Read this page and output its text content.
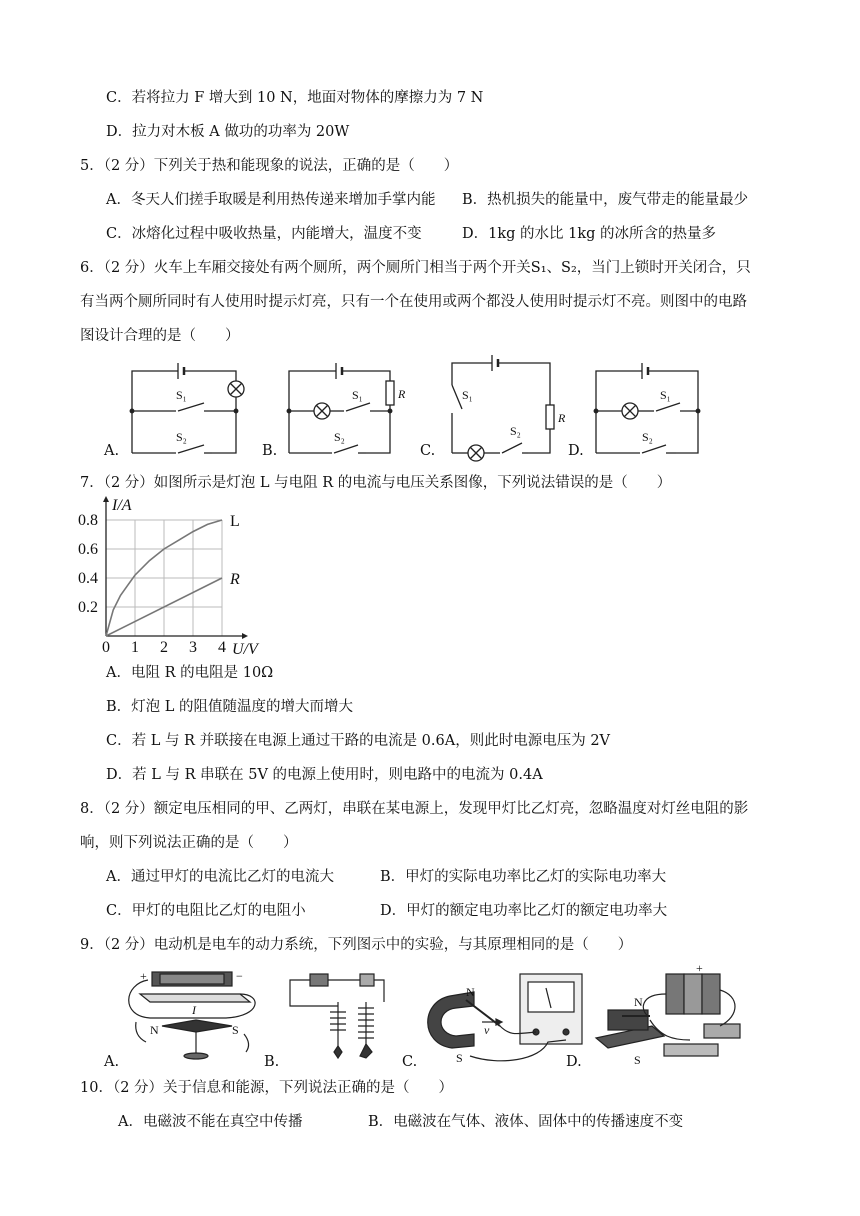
C．若将拉力 F 增大到 10 N，地面对物体的摩擦力为 7 N
D．拉力对木板 A 做功的功率为 20W
5．（2 分）下列关于热和能现象的说法，正确的是（　　）
A．冬天人们搓手取暖是利用热传递来增加手掌内能 B．热机损失的能量中，废气带走的能量最少
C．冰熔化过程中吸收热量，内能增大，温度不变	D．1kg 的水比 1kg 的冰所含的热量多
6．（2 分）火车上车厢交接处有两个厕所，两个厕所门相当于两个开关S₁、S₂，当门上锁时开关闭合，只
有当两个厕所同时有人使用时提示灯亮，只有一个在使用或两个都没人使用时提示灯不亮。则图中的电路
图设计合理的是（　　）
S₁
S₂
S₁
S₂
R	S₁
S₂
R
S₁
S₂
A.	B.	C.	D.
7．（2 分）如图所示是灯泡 L 与电阻 R 的电流与电压关系图像，下列说法错误的是（　　）
0 1 2 3 4
0.2
0.4
0.6
0.8	L
R
I/A
U/V
A．电阻 R 的电阻是 10Ω
B．灯泡 L 的阻值随温度的增大而增大
C．若 L 与 R 并联接在电源上通过干路的电流是 0.6A，则此时电源电压为 2V
D．若 L 与 R 串联在 5V 的电源上使用时，则电路中的电流为 0.4A
8．（2 分）额定电压相同的甲、乙两灯，串联在某电源上，发现甲灯比乙灯亮，忽略温度对灯丝电阻的影
响，则下列说法正确的是（　　）
A．通过甲灯的电流比乙灯的电流大	B．甲灯的实际电功率比乙灯的实际电功率大
C．甲灯的电阻比乙灯的电阻小	D．甲灯的额定电功率比乙灯的额定电功率大
9．（2 分）电动机是电车的动力系统，下列图示中的实验，与其原理相同的是（　　）
+	−
I
N	S
N
S
v
N
S
+
A.	B.	C.	D.
10．（2 分）关于信息和能源，下列说法正确的是（　　）
A．电磁波不能在真空中传播	B．电磁波在气体、液体、固体中的传播速度不变
